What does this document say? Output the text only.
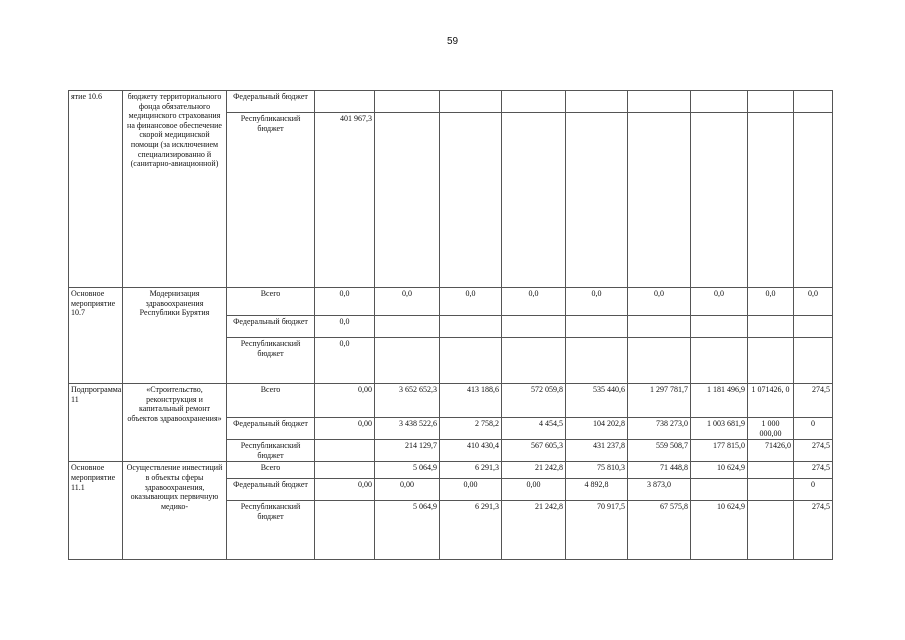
59
ятие 10.6	бюджету территориального фонда обязательного медицинского страхования на финансовое обеспечение скорой медицинской помощи (за исключением специализированно й (санитарно-авиационной)	Федеральный бюджет									
		Республиканский бюджет	401 967,3								
Основное мероприятие 10.7	Модернизация здравоохранения Республики Бурятия	Всего	0,0	0,0	0,0	0,0	0,0	0,0	0,0	0,0	0,0
		Федеральный бюджет	0,0								
		Республиканский бюджет	0,0								
Подпрограмма 11	«Строительство, реконструкция и капитальный ремонт объектов здравоохранения»	Всего	0,00	3 652 652,3	413 188,6	572 059,8	535 440,6	1 297 781,7	1 181 496,9	1 071426, 0	274,5
		Федеральный бюджет	0,00	3 438 522,6	2 758,2	4 454,5	104 202,8	738 273,0	1 003 681,9	1 000 000,00	0
		Республиканский бюджет		214 129,7	410 430,4	567 605,3	431 237,8	559 508,7	177 815,0	71426,0	274,5
Основное мероприятие 11.1	Осуществление инвестиций в объекты сферы здравоохранения, оказывающих первичную медико-	Всего		5 064,9	6 291,3	21 242,8	75 810,3	71 448,8	10 624,9		274,5
		Федеральный бюджет	0,00	0,00	0,00	0,00	4 892,8	3 873,0			0
		Республиканский бюджет		5 064,9	6 291,3	21 242,8	70 917,5	67 575,8	10 624,9		274,5
